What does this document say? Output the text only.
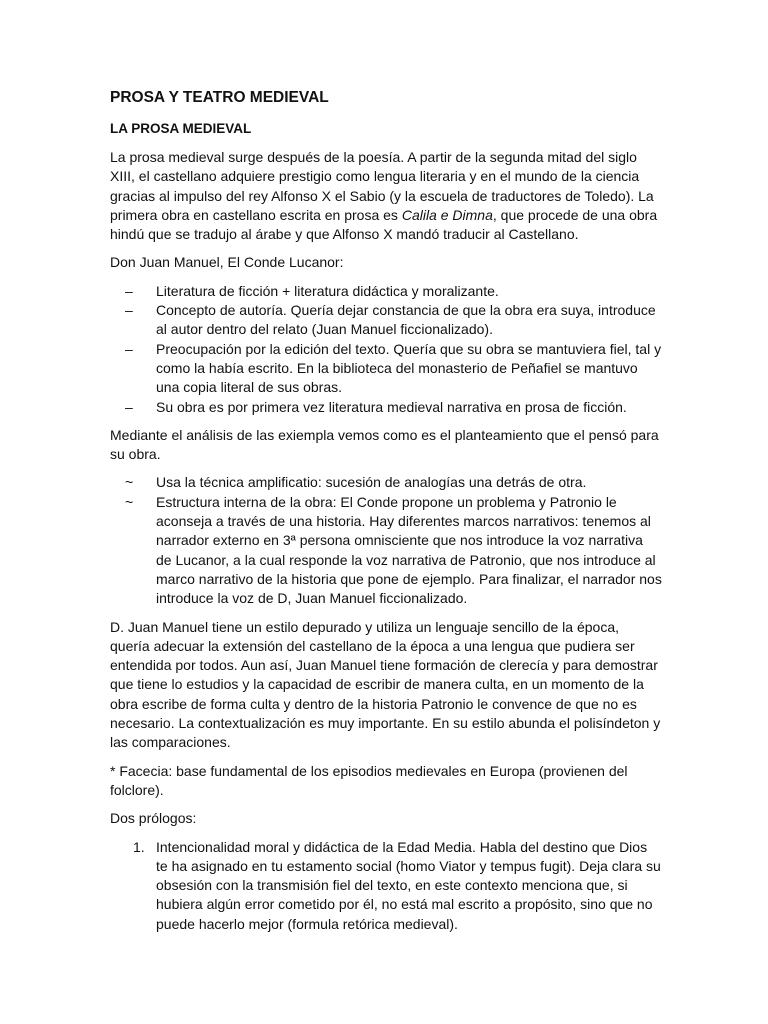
PROSA Y TEATRO MEDIEVAL
LA PROSA MEDIEVAL

La prosa medieval surge después de la poesía. A partir de la segunda mitad del siglo XIII, el castellano adquiere prestigio como lengua literaria y en el mundo de la ciencia gracias al impulso del rey Alfonso X el Sabio (y la escuela de traductores de Toledo). La primera obra en castellano escrita en prosa es Calila e Dimna, que procede de una obra hindú que se tradujo al árabe y que Alfonso X mandó traducir al Castellano.

Don Juan Manuel, El Conde Lucanor:

– Literatura de ficción + literatura didáctica y moralizante.
– Concepto de autoría. Quería dejar constancia de que la obra era suya, introduce al autor dentro del relato (Juan Manuel ficcionalizado).
– Preocupación por la edición del texto. Quería que su obra se mantuviera fiel, tal y como la había escrito. En la biblioteca del monasterio de Peñafiel se mantuvo una copia literal de sus obras.
– Su obra es por primera vez literatura medieval narrativa en prosa de ficción.

Mediante el análisis de las exiempla vemos como es el planteamiento que el pensó para su obra.

~ Usa la técnica amplificatio: sucesión de analogías una detrás de otra.
~ Estructura interna de la obra: El Conde propone un problema y Patronio le aconseja a través de una historia. Hay diferentes marcos narrativos: tenemos al narrador externo en 3ª persona omnisciente que nos introduce la voz narrativa de Lucanor, a la cual responde la voz narrativa de Patronio, que nos introduce al marco narrativo de la historia que pone de ejemplo. Para finalizar, el narrador nos introduce la voz de D, Juan Manuel ficcionalizado.

D. Juan Manuel tiene un estilo depurado y utiliza un lenguaje sencillo de la época, quería adecuar la extensión del castellano de la época a una lengua que pudiera ser entendida por todos. Aun así, Juan Manuel tiene formación de clerecía y para demostrar que tiene lo estudios y la capacidad de escribir de manera culta, en un momento de la obra escribe de forma culta y dentro de la historia Patronio le convence de que no es necesario. La contextualización es muy importante. En su estilo abunda el polisíndeton y las comparaciones.

* Facecia: base fundamental de los episodios medievales en Europa (provienen del folclore).

Dos prólogos:

1. Intencionalidad moral y didáctica de la Edad Media. Habla del destino que Dios te ha asignado en tu estamento social (homo Viator y tempus fugit). Deja clara su obsesión con la transmisión fiel del texto, en este contexto menciona que, si hubiera algún error cometido por él, no está mal escrito a propósito, sino que no puede hacerlo mejor (formula retórica medieval).
